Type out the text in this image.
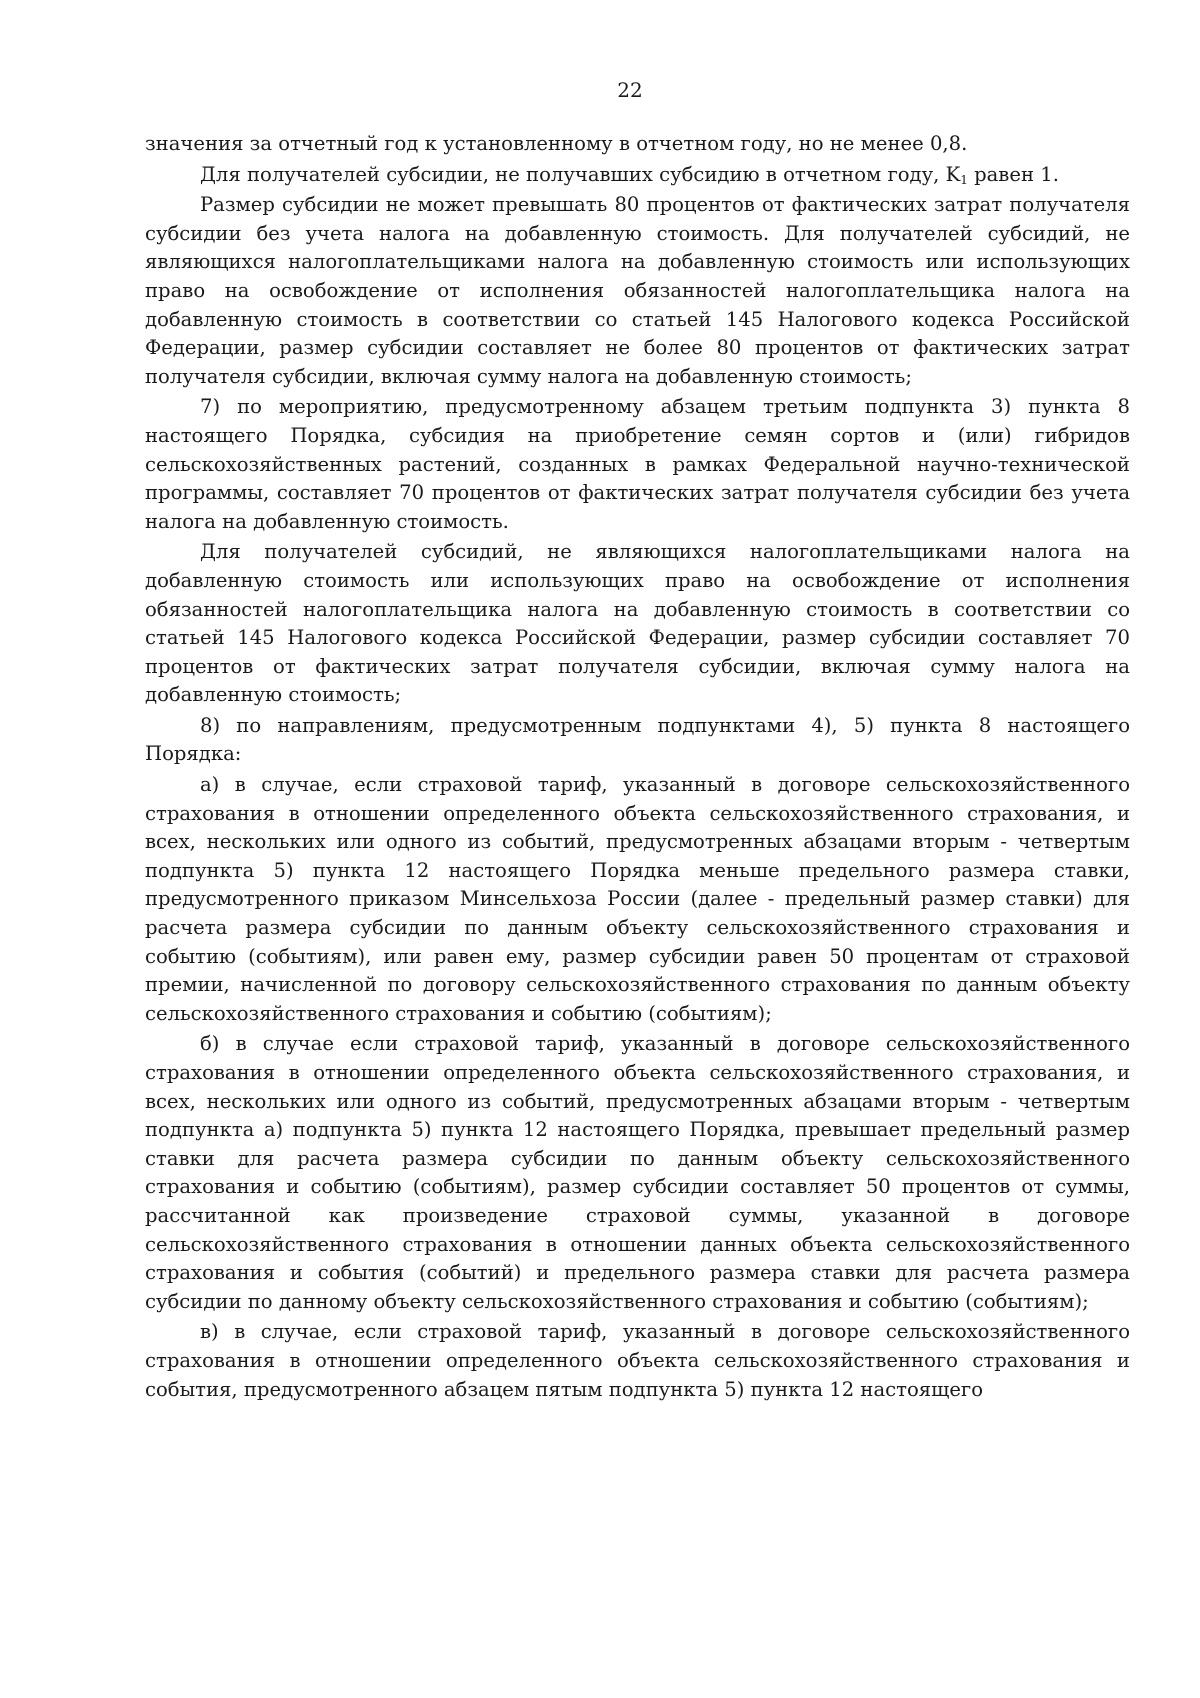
22

значения за отчетный год к установленному в отчетном году, но не менее 0,8.

Для получателей субсидии, не получавших субсидию в отчетном году, $K_1$ равен 1.

Размер субсидии не может превышать 80 процентов от фактических затрат получателя субсидии без учета налога на добавленную стоимость. Для получателей субсидий, не являющихся налогоплательщиками налога на добавленную стоимость или использующих право на освобождение от исполнения обязанностей налогоплательщика налога на добавленную стоимость в соответствии со статьей 145 Налогового кодекса Российской Федерации, размер субсидии составляет не более 80 процентов от фактических затрат получателя субсидии, включая сумму налога на добавленную стоимость;

7) по мероприятию, предусмотренному абзацем третьим подпункта 3) пункта 8 настоящего Порядка, субсидия на приобретение семян сортов и (или) гибридов сельскохозяйственных растений, созданных в рамках Федеральной научно-технической программы, составляет 70 процентов от фактических затрат получателя субсидии без учета налога на добавленную стоимость.

Для получателей субсидий, не являющихся налогоплательщиками налога на добавленную стоимость или использующих право на освобождение от исполнения обязанностей налогоплательщика налога на добавленную стоимость в соответствии со статьей 145 Налогового кодекса Российской Федерации, размер субсидии составляет 70 процентов от фактических затрат получателя субсидии, включая сумму налога на добавленную стоимость;

8) по направлениям, предусмотренным подпунктами 4), 5) пункта 8 настоящего Порядка:

а) в случае, если страховой тариф, указанный в договоре сельскохозяйственного страхования в отношении определенного объекта сельскохозяйственного страхования, и всех, нескольких или одного из событий, предусмотренных абзацами вторым - четвертым подпункта 5) пункта 12 настоящего Порядка меньше предельного размера ставки, предусмотренного приказом Минсельхоза России (далее - предельный размер ставки) для расчета размера субсидии по данным объекту сельскохозяйственного страхования и событию (событиям), или равен ему, размер субсидии равен 50 процентам от страховой премии, начисленной по договору сельскохозяйственного страхования по данным объекту сельскохозяйственного страхования и событию (событиям);

б) в случае если страховой тариф, указанный в договоре сельскохозяйственного страхования в отношении определенного объекта сельскохозяйственного страхования, и всех, нескольких или одного из событий, предусмотренных абзацами вторым - четвертым подпункта а) подпункта 5) пункта 12 настоящего Порядка, превышает предельный размер ставки для расчета размера субсидии по данным объекту сельскохозяйственного страхования и событию (событиям), размер субсидии составляет 50 процентов от суммы, рассчитанной как произведение страховой суммы, указанной в договоре сельскохозяйственного страхования в отношении данных объекта сельскохозяйственного страхования и события (событий) и предельного размера ставки для расчета размера субсидии по данному объекту сельскохозяйственного страхования и событию (событиям);

в) в случае, если страховой тариф, указанный в договоре сельскохозяйственного страхования в отношении определенного объекта сельскохозяйственного страхования и события, предусмотренного абзацем пятым подпункта 5) пункта 12 настоящего
